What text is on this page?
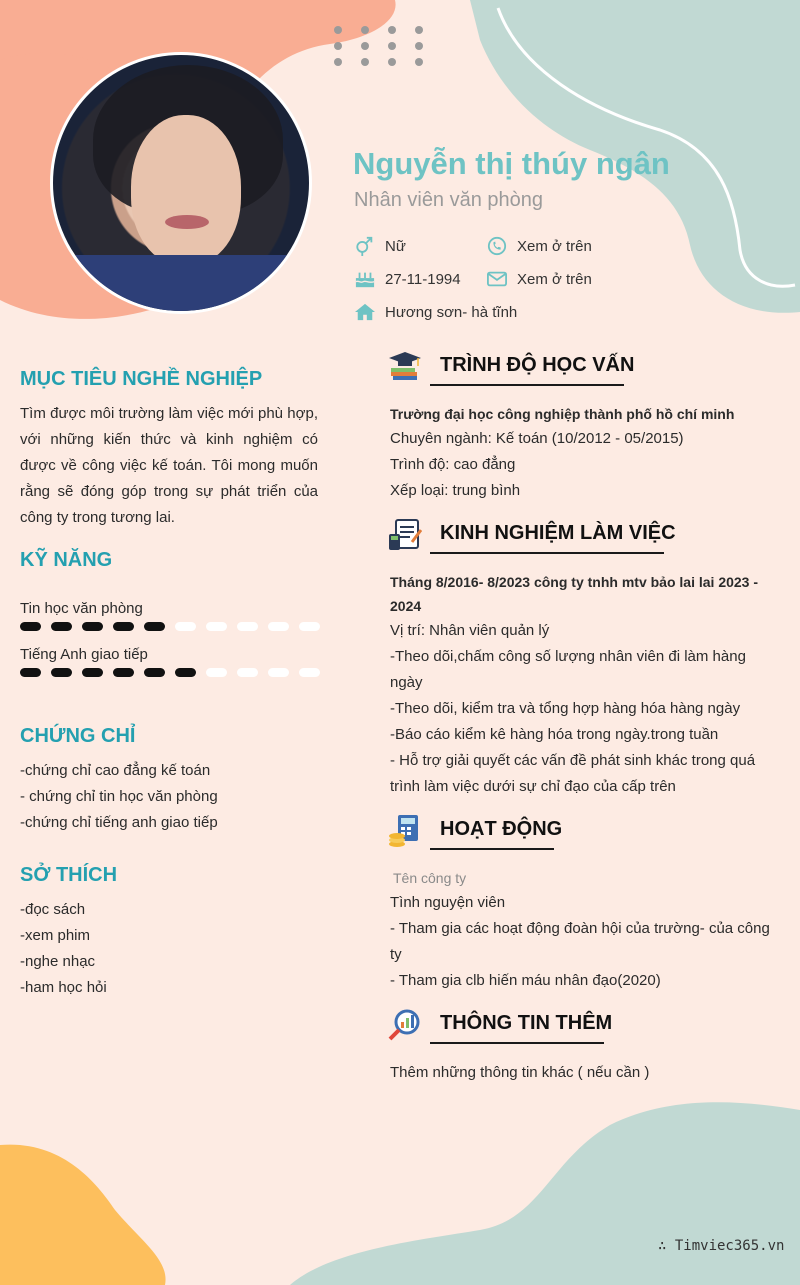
Nguyễn thị thúy ngân
Nhân viên văn phòng
Nữ	Xem ở trên
27-11-1994	Xem ở trên
Hương sơn- hà tĩnh
MỤC TIÊU NGHỀ NGHIỆP
Tìm được môi trường làm việc mới phù hợp, với những kiến thức và kinh nghiệm có được về công việc kế toán. Tôi mong muốn rằng sẽ đóng góp trong sự phát triển của công ty trong tương lai.
KỸ NĂNG
Tin học văn phòng
Tiếng Anh giao tiếp
CHỨNG CHỈ
-chứng chỉ cao đẳng kế toán
- chứng chỉ tin học văn phòng
-chứng chỉ tiếng anh giao tiếp
SỞ THÍCH
-đọc sách
-xem phim
-nghe nhạc
-ham học hỏi
TRÌNH ĐỘ HỌC VẤN
Trường đại học công nghiệp thành phố hồ chí minh
Chuyên ngành: Kế toán (10/2012 - 05/2015)
Trình độ: cao đẳng
Xếp loại: trung bình
KINH NGHIỆM LÀM VIỆC
Tháng 8/2016- 8/2023 công ty tnhh mtv bảo lai lai 2023 - 2024
Vị trí: Nhân viên quản lý
-Theo dõi,chấm công số lượng nhân viên đi làm hàng ngày
-Theo dõi, kiểm tra và tổng hợp hàng hóa hàng ngày
-Báo cáo kiểm kê hàng hóa trong ngày.trong tuần
- Hỗ trợ giải quyết các vấn đề phát sinh khác trong quá trình làm việc dưới sự chỉ đạo của cấp trên
HOẠT ĐỘNG
Tên công ty
Tình nguyện viên
- Tham gia các hoạt động đoàn hội của trường- của công ty
- Tham gia clb hiến máu nhân đạo(2020)
THÔNG TIN THÊM
Thêm những thông tin khác ( nếu cần )
∴ Timviec365.vn
